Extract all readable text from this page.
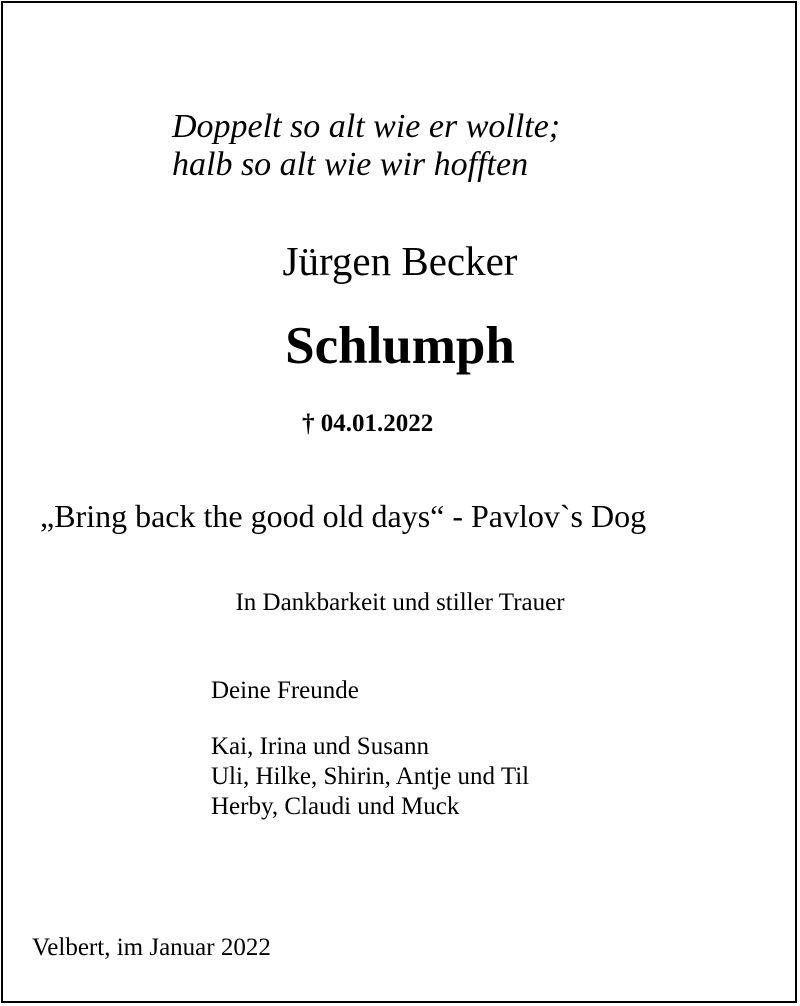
Doppelt so alt wie er wollte;
halb so alt wie wir hofften
Jürgen Becker
Schlumph
† 04.01.2022
„Bring back the good old days“ - Pavlov`s Dog
In Dankbarkeit und stiller Trauer
Deine Freunde
Kai, Irina und Susann
Uli, Hilke, Shirin, Antje und Til
Herby, Claudi und Muck
Velbert, im Januar 2022
